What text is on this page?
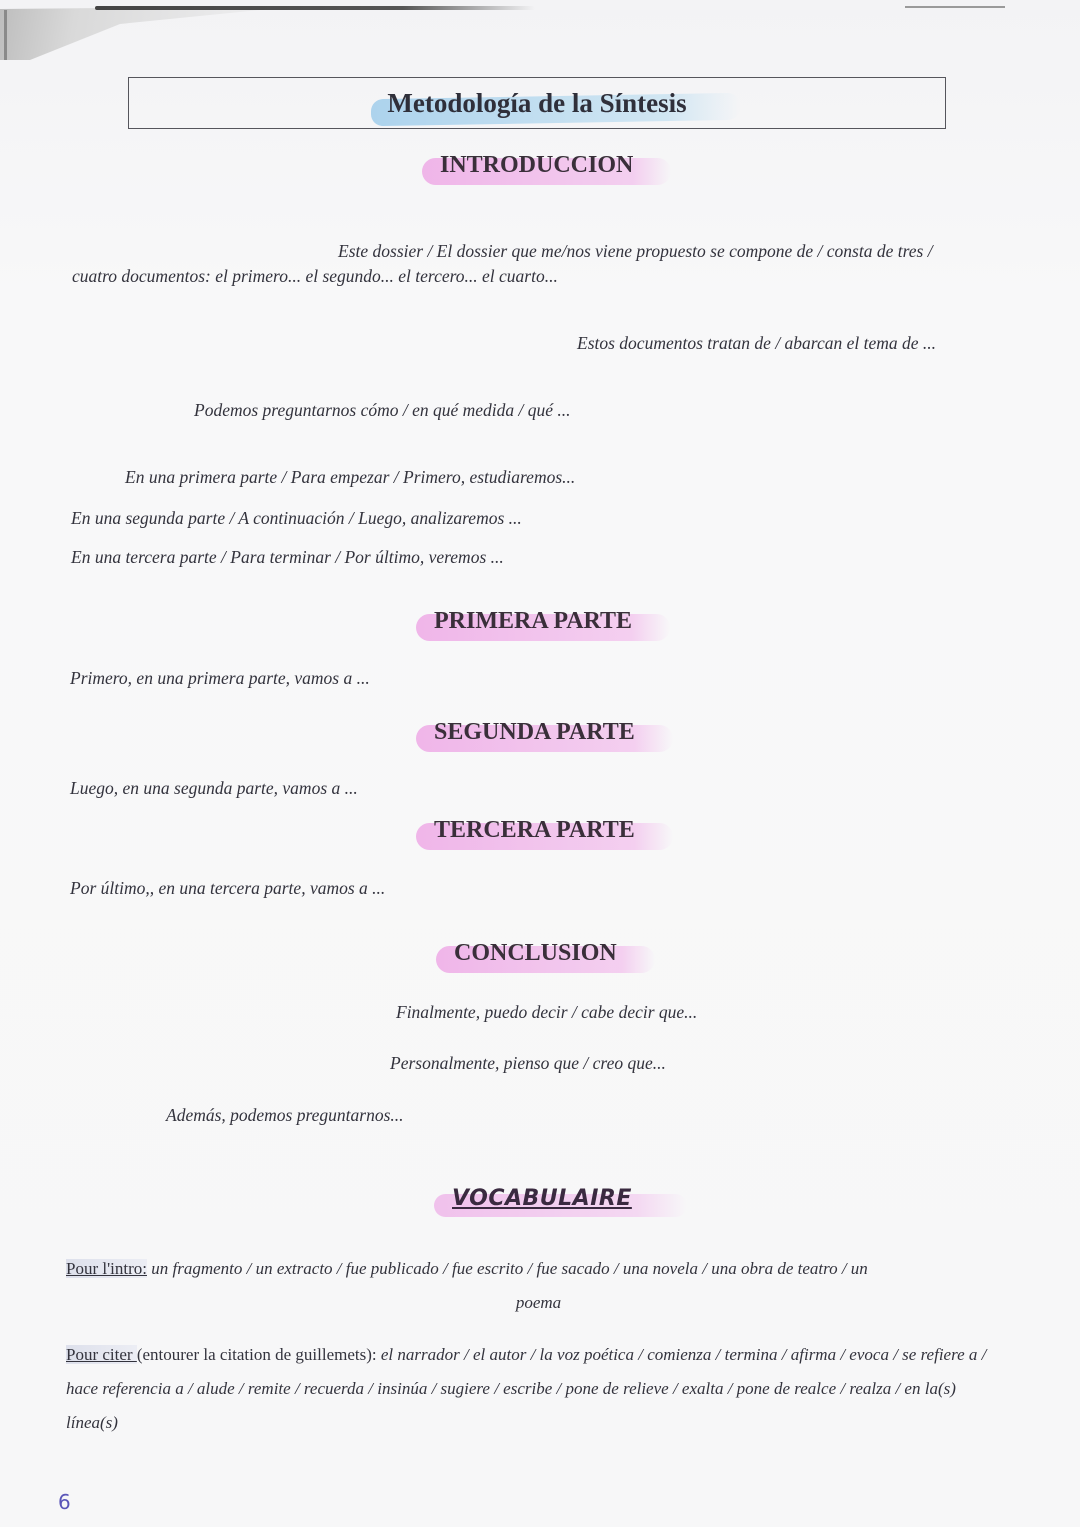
Metodología de la Síntesis
INTRODUCCION
Este dossier / El dossier que me/nos viene propuesto se compone de / consta de tres /
cuatro documentos: el primero... el segundo... el tercero... el cuarto...
Estos documentos tratan de / abarcan el tema de ...
Podemos preguntarnos cómo / en qué medida / qué ...
En una primera parte / Para empezar / Primero, estudiaremos...
En una segunda parte / A continuación / Luego, analizaremos ...
En una tercera parte / Para terminar / Por último, veremos ...
PRIMERA PARTE
Primero, en una primera parte, vamos a ...
SEGUNDA PARTE
Luego, en una segunda parte, vamos a ...
TERCERA PARTE
Por último,, en una tercera parte, vamos a ...
CONCLUSION
Finalmente, puedo decir / cabe decir que...
Personalmente, pienso que / creo que...
Además, podemos preguntarnos...
VOCABULAIRE
Pour l'intro: un fragmento / un extracto / fue publicado / fue escrito / fue sacado / una novela / una obra de teatro / un
poema
Pour citer (entourer la citation de guillemets): el narrador / el autor / la voz poética / comienza / termina / afirma / evoca / se refiere a / hace referencia a / alude / remite / recuerda / insinúa / sugiere / escribe / pone de relieve / exalta / pone de realce / realza / en la(s) línea(s)
6
